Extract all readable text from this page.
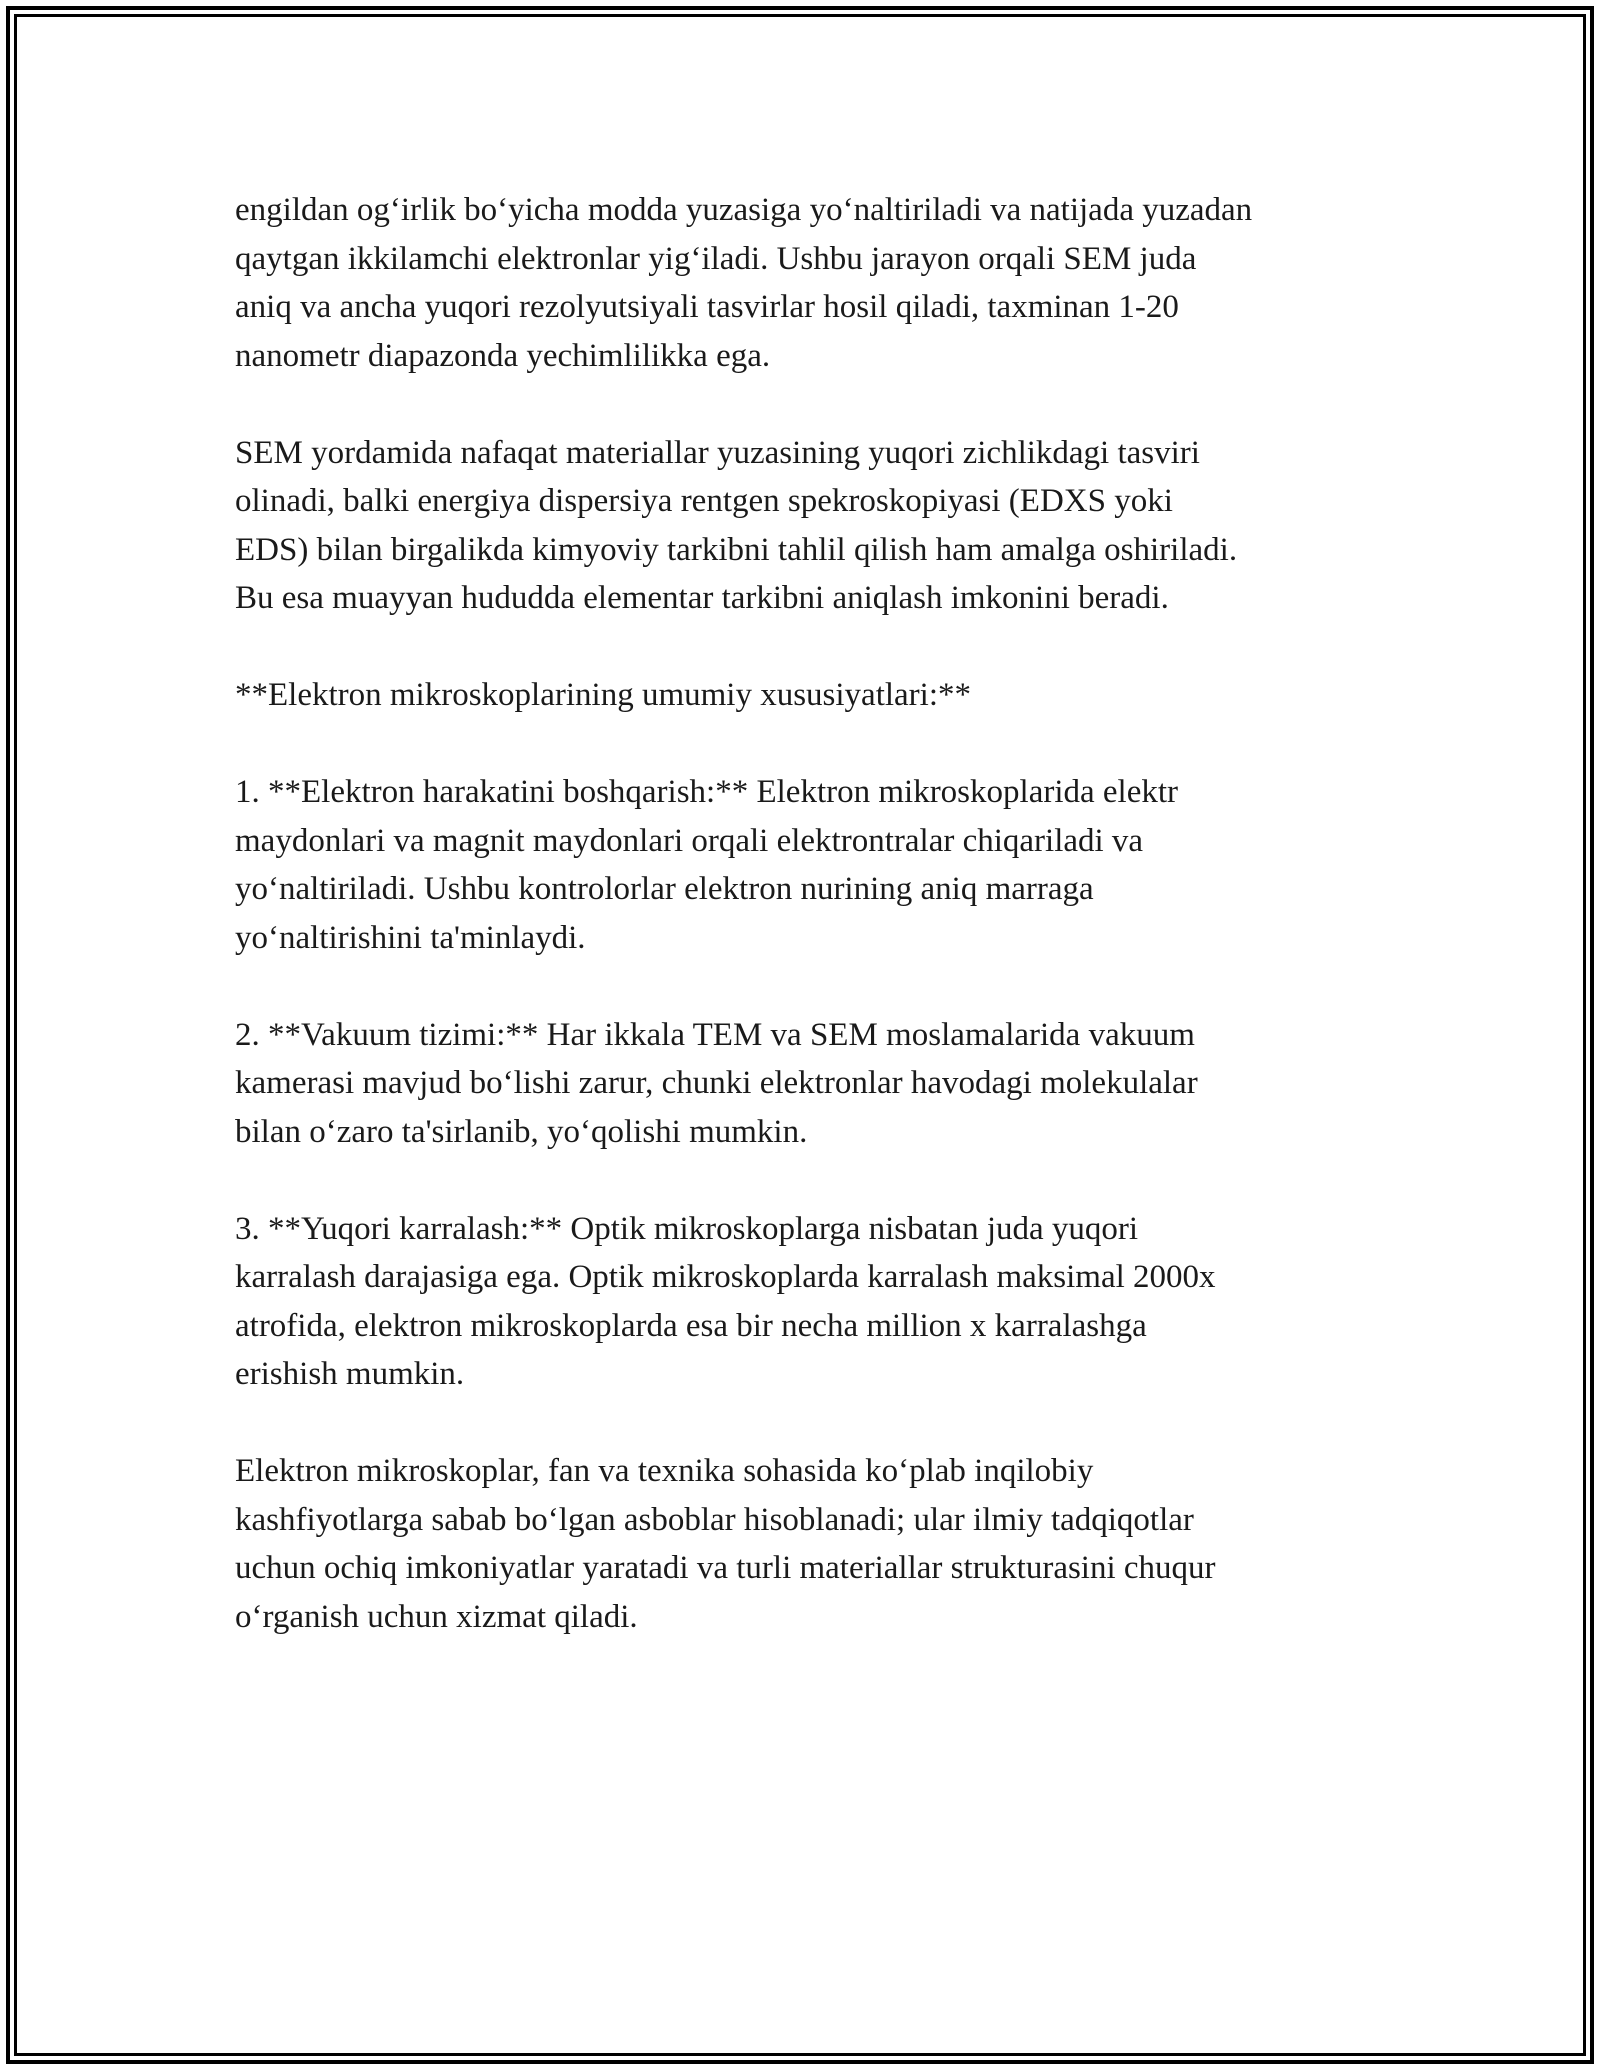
engildan og‘irlik bo‘yicha modda yuzasiga yo‘naltiriladi va natijada yuzadan
qaytgan ikkilamchi elektronlar yig‘iladi. Ushbu jarayon orqali SEM juda
aniq va ancha yuqori rezolyutsiyali tasvirlar hosil qiladi, taxminan 1-20
nanometr diapazonda yechimlilikka ega.

SEM yordamida nafaqat materiallar yuzasining yuqori zichlikdagi tasviri
olinadi, balki energiya dispersiya rentgen spekroskopiyasi (EDXS yoki
EDS) bilan birgalikda kimyoviy tarkibni tahlil qilish ham amalga oshiriladi.
Bu esa muayyan hududda elementar tarkibni aniqlash imkonini beradi.

**Elektron mikroskoplarining umumiy xususiyatlari:**

1. **Elektron harakatini boshqarish:** Elektron mikroskoplarida elektr
maydonlari va magnit maydonlari orqali elektrontralar chiqariladi va
yo‘naltiriladi. Ushbu kontrolorlar elektron nurining aniq marraga
yo‘naltirishini ta'minlaydi.

2. **Vakuum tizimi:** Har ikkala TEM va SEM moslamalarida vakuum
kamerasi mavjud bo‘lishi zarur, chunki elektronlar havodagi molekulalar
bilan o‘zaro ta'sirlanib, yo‘qolishi mumkin.

3. **Yuqori karralash:** Optik mikroskoplarga nisbatan juda yuqori
karralash darajasiga ega. Optik mikroskoplarda karralash maksimal 2000x
atrofida, elektron mikroskoplarda esa bir necha million x karralashga
erishish mumkin.

Elektron mikroskoplar, fan va texnika sohasida ko‘plab inqilobiy
kashfiyotlarga sabab bo‘lgan asboblar hisoblanadi; ular ilmiy tadqiqotlar
uchun ochiq imkoniyatlar yaratadi va turli materiallar strukturasini chuqur
o‘rganish uchun xizmat qiladi.
